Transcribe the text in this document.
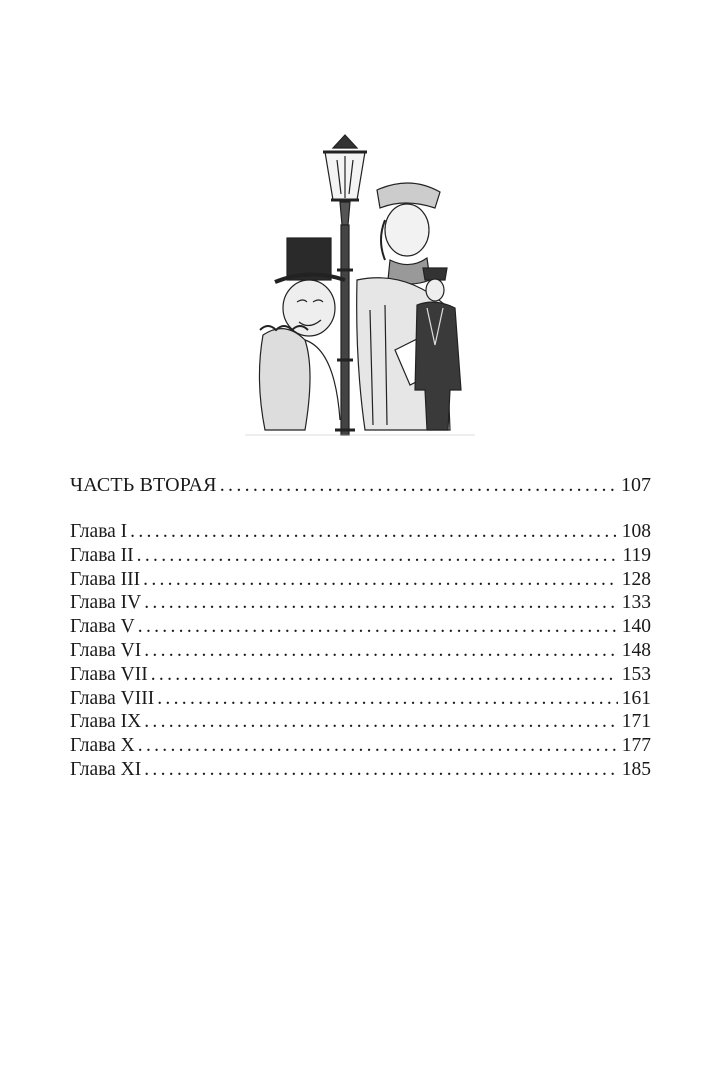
ЧАСТЬ ВТОРАЯ .....	107
Глава I .....	108
Глава II .....	119
Глава III .....	128
Глава IV .....	133
Глава V .....	140
Глава VI .....	148
Глава VII .....	153
Глава VIII .....	161
Глава IX .....	171
Глава X .....	177
Глава XI .....	185
